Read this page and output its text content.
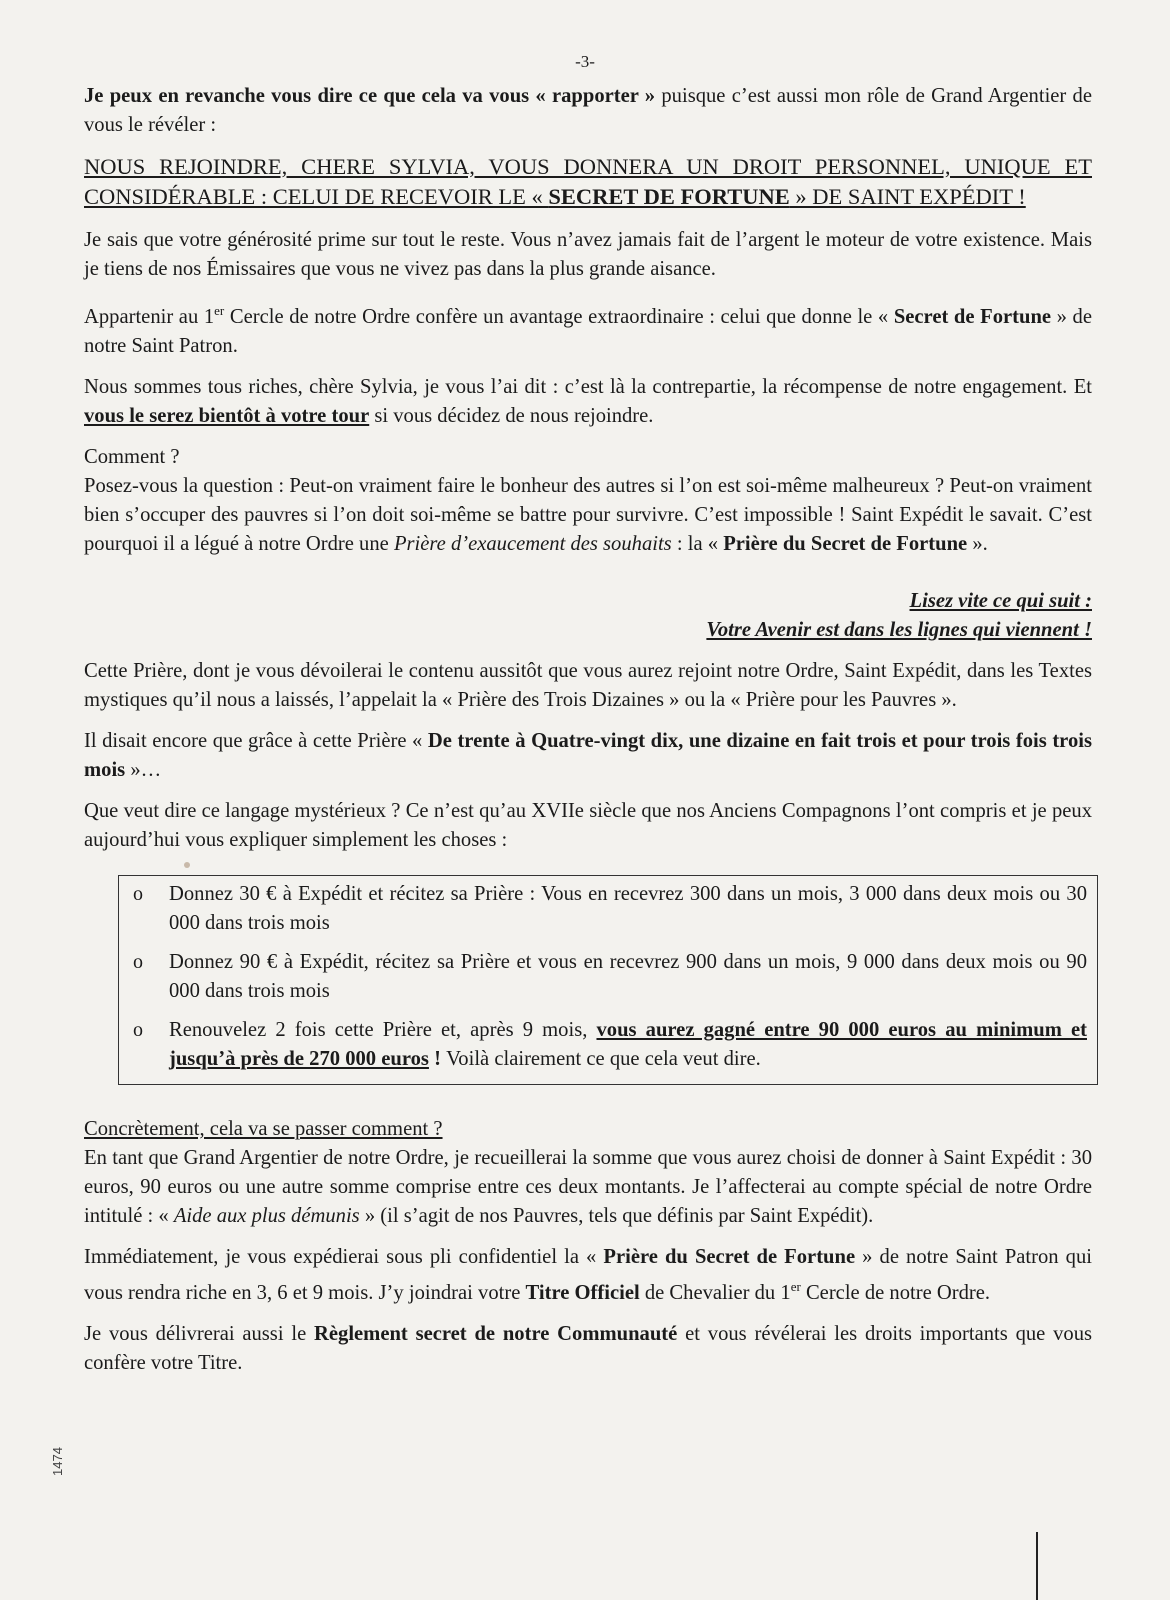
-3-

Je peux en revanche vous dire ce que cela va vous « rapporter » puisque c’est aussi mon rôle de Grand Argentier de vous le révéler :

NOUS REJOINDRE, CHERE SYLVIA, VOUS DONNERA UN DROIT PERSONNEL, UNIQUE ET CONSIDÉRABLE : CELUI DE RECEVOIR LE « SECRET DE FORTUNE » DE SAINT EXPÉDIT !

Je sais que votre générosité prime sur tout le reste. Vous n’avez jamais fait de l’argent le moteur de votre existence. Mais je tiens de nos Émissaires que vous ne vivez pas dans la plus grande aisance.

Appartenir au 1er Cercle de notre Ordre confère un avantage extraordinaire : celui que donne le « Secret de Fortune » de notre Saint Patron.

Nous sommes tous riches, chère Sylvia, je vous l’ai dit : c’est là la contrepartie, la récompense de notre engagement. Et vous le serez bientôt à votre tour si vous décidez de nous rejoindre.

Comment ?

Posez-vous la question : Peut-on vraiment faire le bonheur des autres si l’on est soi-même malheureux ? Peut-on vraiment bien s’occuper des pauvres si l’on doit soi-même se battre pour survivre. C’est impossible ! Saint Expédit le savait. C’est pourquoi il a légué à notre Ordre une Prière d’exaucement des souhaits : la « Prière du Secret de Fortune ».

Lisez vite ce qui suit :

Votre Avenir est dans les lignes qui viennent !

Cette Prière, dont je vous dévoilerai le contenu aussitôt que vous aurez rejoint notre Ordre, Saint Expédit, dans les Textes mystiques qu’il nous a laissés, l’appelait la « Prière des Trois Dizaines » ou la « Prière pour les Pauvres ».

Il disait encore que grâce à cette Prière « De trente à Quatre-vingt dix, une dizaine en fait trois et pour trois fois trois mois »…

Que veut dire ce langage mystérieux ? Ce n’est qu’au XVIIe siècle que nos Anciens Compagnons l’ont compris et je peux aujourd’hui vous expliquer simplement les choses :

o	Donnez 30 € à Expédit et récitez sa Prière : Vous en recevrez 300 dans un mois, 3 000 dans deux mois ou 30 000 dans trois mois
o	Donnez 90 € à Expédit, récitez sa Prière et vous en recevrez 900 dans un mois, 9 000 dans deux mois ou 90 000 dans trois mois
o	Renouvelez 2 fois cette Prière et, après 9 mois, vous aurez gagné entre 90 000 euros au minimum et jusqu’à près de 270 000 euros ! Voilà clairement ce que cela veut dire.

Concrètement, cela va se passer comment ?

En tant que Grand Argentier de notre Ordre, je recueillerai la somme que vous aurez choisi de donner à Saint Expédit : 30 euros, 90 euros ou une autre somme comprise entre ces deux montants. Je l’affecterai au compte spécial de notre Ordre intitulé : « Aide aux plus démunis » (il s’agit de nos Pauvres, tels que définis par Saint Expédit).

Immédiatement, je vous expédierai sous pli confidentiel la « Prière du Secret de Fortune » de notre Saint Patron qui vous rendra riche en 3, 6 et 9 mois. J’y joindrai votre Titre Officiel de Chevalier du 1er Cercle de notre Ordre.

Je vous délivrerai aussi le Règlement secret de notre Communauté et vous révélerai les droits importants que vous confère votre Titre.

1474
